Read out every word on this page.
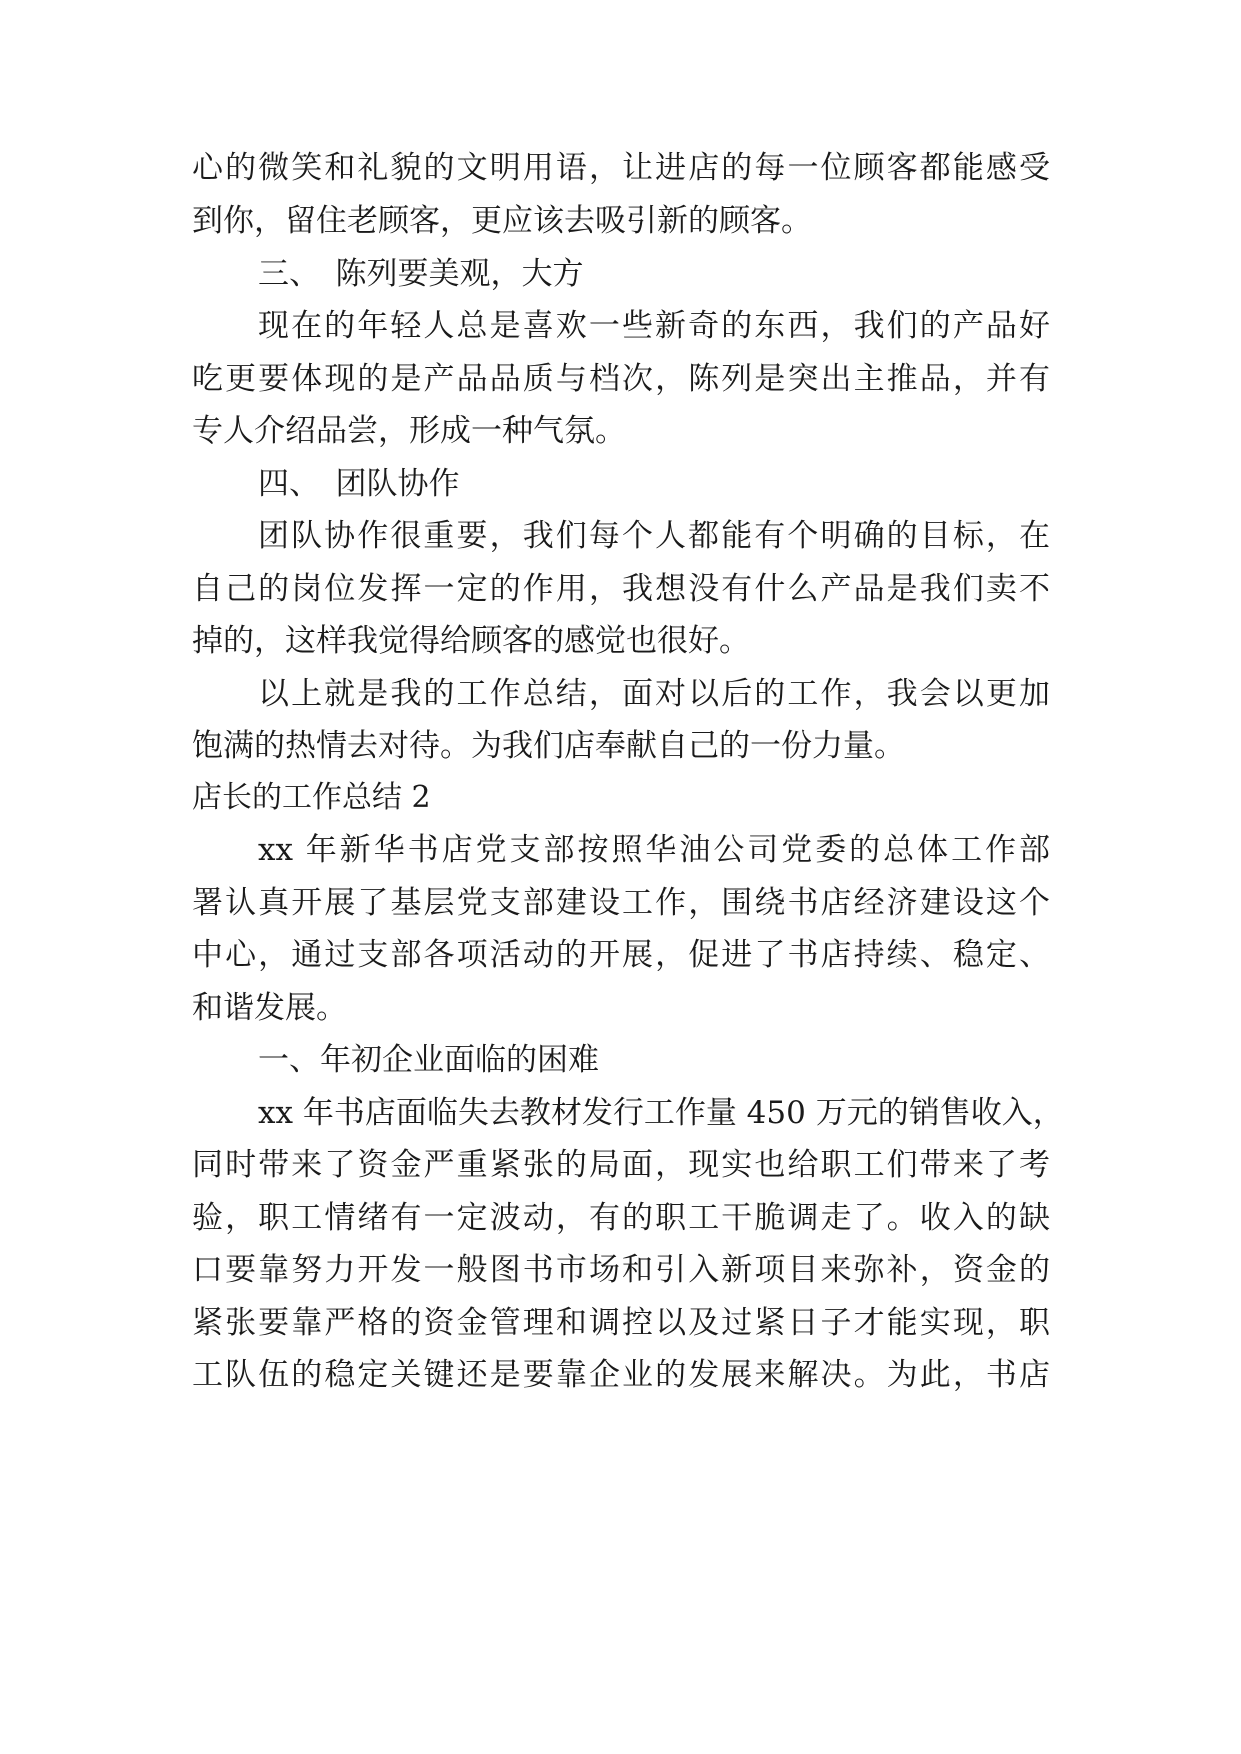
心的微笑和礼貌的文明用语，让进店的每一位顾客都能感受
到你，留住老顾客，更应该去吸引新的顾客。
三、　陈列要美观，大方
现在的年轻人总是喜欢一些新奇的东西，我们的产品好
吃更要体现的是产品品质与档次，陈列是突出主推品，并有
专人介绍品尝，形成一种气氛。
四、　团队协作
团队协作很重要，我们每个人都能有个明确的目标，在
自己的岗位发挥一定的作用，我想没有什么产品是我们卖不
掉的，这样我觉得给顾客的感觉也很好。
以上就是我的工作总结，面对以后的工作，我会以更加
饱满的热情去对待。为我们店奉献自己的一份力量。
店长的工作总结 2
xx 年新华书店党支部按照华油公司党委的总体工作部
署认真开展了基层党支部建设工作，围绕书店经济建设这个
中心，通过支部各项活动的开展，促进了书店持续、稳定、
和谐发展。
一、年初企业面临的困难
xx 年书店面临失去教材发行工作量 450 万元的销售收入，
同时带来了资金严重紧张的局面，现实也给职工们带来了考
验，职工情绪有一定波动，有的职工干脆调走了。收入的缺
口要靠努力开发一般图书市场和引入新项目来弥补，资金的
紧张要靠严格的资金管理和调控以及过紧日子才能实现，职
工队伍的稳定关键还是要靠企业的发展来解决。为此，书店
